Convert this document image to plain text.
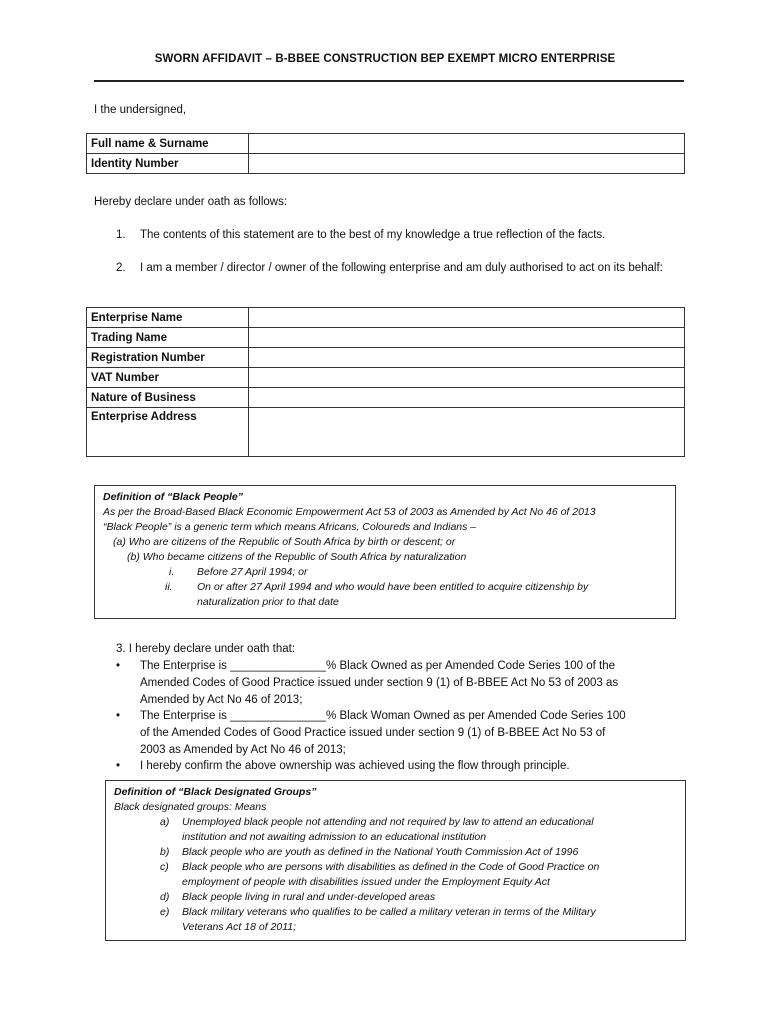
SWORN AFFIDAVIT – B-BBEE CONSTRUCTION BEP EXEMPT MICRO ENTERPRISE
I the undersigned,
Full name & Surname	
Identity Number	
Hereby declare under oath as follows:
1. The contents of this statement are to the best of my knowledge a true reflection of the facts.
2. I am a member / director / owner of the following enterprise and am duly authorised to act on its behalf:
Enterprise Name	
Trading Name	
Registration Number	
VAT Number	
Nature of Business	
Enterprise Address	
Definition of “Black People”
As per the Broad-Based Black Economic Empowerment Act 53 of 2003 as Amended by Act No 46 of 2013
“Black People” is a generic term which means Africans, Coloureds and Indians –
(a) Who are citizens of the Republic of South Africa by birth or descent; or
(b) Who became citizens of the Republic of South Africa by naturalization
i. Before 27 April 1994; or
ii. On or after 27 April 1994 and who would have been entitled to acquire citizenship by
naturalization prior to that date
3. I hereby declare under oath that:
• The Enterprise is _______________% Black Owned as per Amended Code Series 100 of the
Amended Codes of Good Practice issued under section 9 (1) of B-BBEE Act No 53 of 2003 as
Amended by Act No 46 of 2013;
• The Enterprise is _______________% Black Woman Owned as per Amended Code Series 100
of the Amended Codes of Good Practice issued under section 9 (1) of B-BBEE Act No 53 of
2003 as Amended by Act No 46 of 2013;
• I hereby confirm the above ownership was achieved using the flow through principle.
Definition of “Black Designated Groups”
Black designated groups: Means
a) Unemployed black people not attending and not required by law to attend an educational
institution and not awaiting admission to an educational institution
b) Black people who are youth as defined in the National Youth Commission Act of 1996
c) Black people who are persons with disabilities as defined in the Code of Good Practice on
employment of people with disabilities issued under the Employment Equity Act
d) Black people living in rural and under-developed areas
e) Black military veterans who qualifies to be called a military veteran in terms of the Military
Veterans Act 18 of 2011;
